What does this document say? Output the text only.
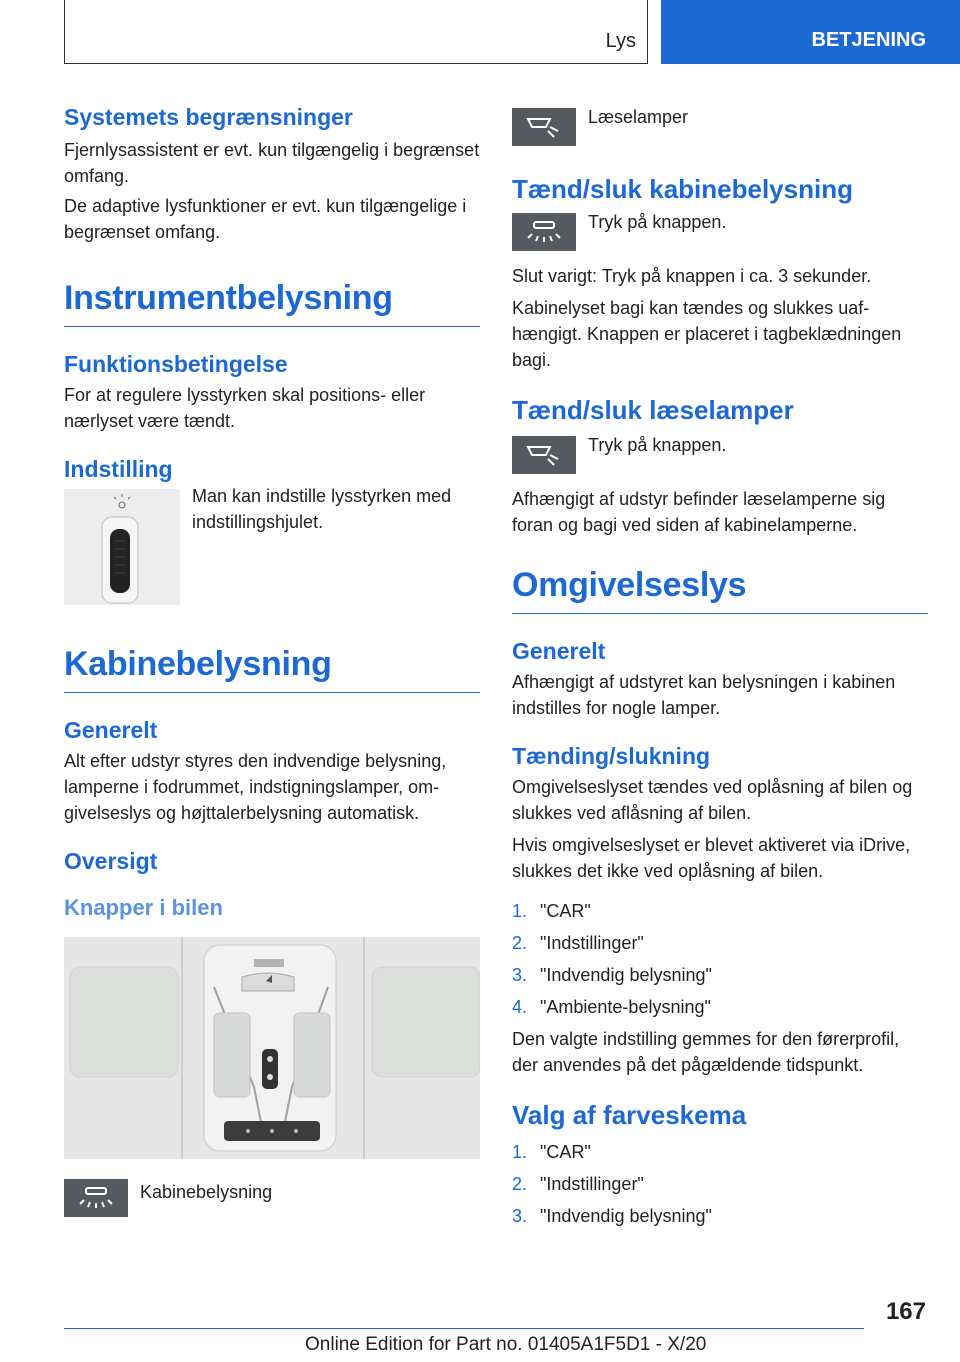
Lys	BETJENING
Systemets begrænsninger

Fjernlysassistent er evt. kun tilgængelig i begrænset omfang.

De adaptive lysfunktioner er evt. kun tilgængelige i begrænset omfang.

Instrumentbelysning
Funktionsbetingelse

For at regulere lysstyrken skal positions- eller nærlyset være tændt.

Indstilling

Man kan indstille lysstyrken med indstillingshjulet.

Kabinebelysning
Generelt

Alt efter udstyr styres den indvendige belysning, lamperne i fodrummet, indstigningslamper, omgivelseslys og højttalerbelysning automatisk.

Oversigt
Knapper i bilen
Kabinebelysning
Læselamper
Tænd/sluk kabinebelysning
Tryk på knappen.

Slut varigt: Tryk på knappen i ca. 3 sekunder.

Kabinelyset bagi kan tændes og slukkes uafhængigt. Knappen er placeret i tagbeklædningen bagi.

Tænd/sluk læselamper
Tryk på knappen.

Afhængigt af udstyr befinder læselamperne sig foran og bagi ved siden af kabinelamperne.

Omgivelseslys
Generelt

Afhængigt af udstyret kan belysningen i kabinen indstilles for nogle lamper.

Tænding/slukning

Omgivelseslyset tændes ved oplåsning af bilen og slukkes ved aflåsning af bilen.

Hvis omgivelseslyset er blevet aktiveret via iDrive, slukkes det ikke ved oplåsning af bilen.

1. "CAR"
2. "Indstillinger"
3. "Indvendig belysning"
4. "Ambiente-belysning"

Den valgte indstilling gemmes for den førerprofil, der anvendes på det pågældende tidspunkt.

Valg af farveskema
1. "CAR"
2. "Indstillinger"
3. "Indvendig belysning"
167
Online Edition for Part no. 01405A1F5D1 - X/20
